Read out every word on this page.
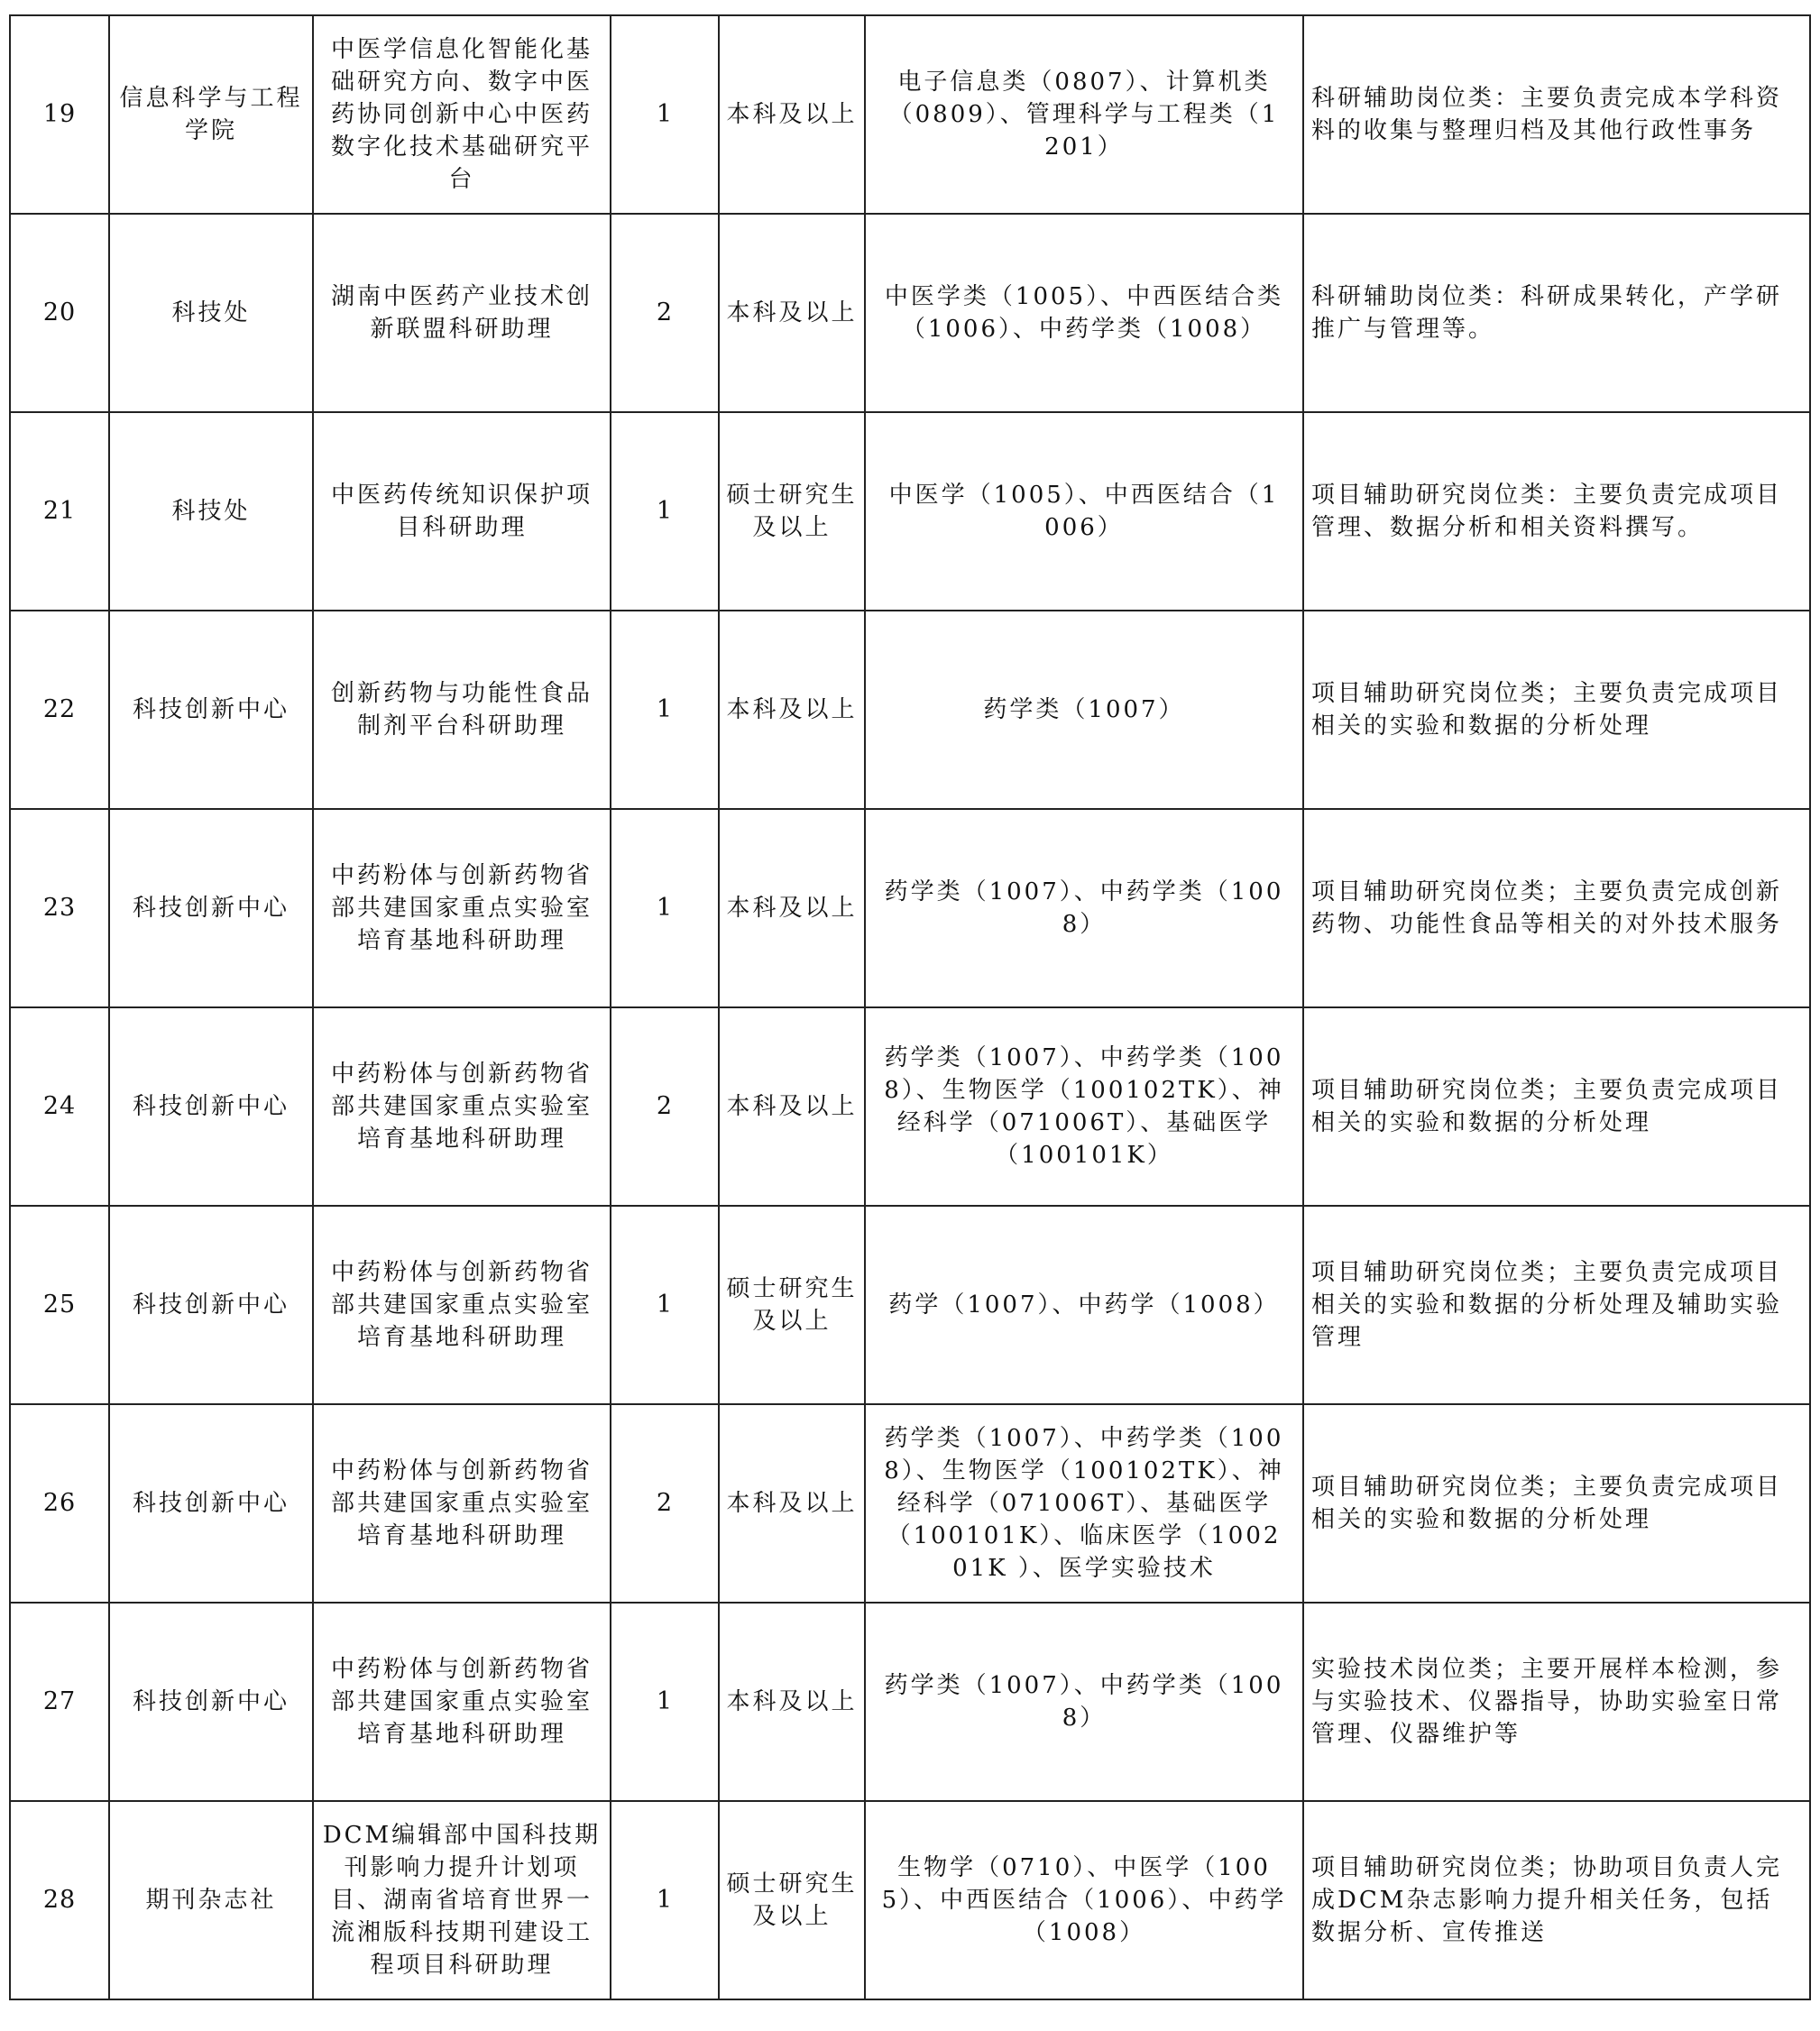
19	信息科学与工程学院	中医学信息化智能化基础研究方向、数字中医药协同创新中心中医药数字化技术基础研究平台	1	本科及以上	电子信息类（0807）、计算机类（0809）、管理科学与工程类（1201）	科研辅助岗位类：主要负责完成本学科资料的收集与整理归档及其他行政性事务
20	科技处	湖南中医药产业技术创新联盟科研助理	2	本科及以上	中医学类（1005）、中西医结合类（1006）、中药学类（1008）	科研辅助岗位类：科研成果转化，产学研推广与管理等。
21	科技处	中医药传统知识保护项目科研助理	1	硕士研究生及以上	中医学（1005）、中西医结合（1006）	项目辅助研究岗位类：主要负责完成项目管理、数据分析和相关资料撰写。
22	科技创新中心	创新药物与功能性食品制剂平台科研助理	1	本科及以上	药学类（1007）	项目辅助研究岗位类；主要负责完成项目相关的实验和数据的分析处理
23	科技创新中心	中药粉体与创新药物省部共建国家重点实验室培育基地科研助理	1	本科及以上	药学类（1007）、中药学类（1008）	项目辅助研究岗位类；主要负责完成创新药物、功能性食品等相关的对外技术服务
24	科技创新中心	中药粉体与创新药物省部共建国家重点实验室培育基地科研助理	2	本科及以上	药学类（1007）、中药学类（1008）、生物医学（100102TK）、神经科学（071006T）、基础医学（100101K）	项目辅助研究岗位类；主要负责完成项目相关的实验和数据的分析处理
25	科技创新中心	中药粉体与创新药物省部共建国家重点实验室培育基地科研助理	1	硕士研究生及以上	药学（1007）、中药学（1008）	项目辅助研究岗位类；主要负责完成项目相关的实验和数据的分析处理及辅助实验管理
26	科技创新中心	中药粉体与创新药物省部共建国家重点实验室培育基地科研助理	2	本科及以上	药学类（1007）、中药学类（1008）、生物医学（100102TK）、神经科学（071006T）、基础医学（100101K）、临床医学（100201K ）、医学实验技术	项目辅助研究岗位类；主要负责完成项目相关的实验和数据的分析处理
27	科技创新中心	中药粉体与创新药物省部共建国家重点实验室培育基地科研助理	1	本科及以上	药学类（1007）、中药学类（1008）	实验技术岗位类；主要开展样本检测，参与实验技术、仪器指导，协助实验室日常管理、仪器维护等
28	期刊杂志社	DCM编辑部中国科技期刊影响力提升计划项目、湖南省培育世界一流湘版科技期刊建设工程项目科研助理	1	硕士研究生及以上	生物学（0710）、中医学（1005）、中西医结合（1006）、中药学（1008）	项目辅助研究岗位类；协助项目负责人完成DCM杂志影响力提升相关任务，包括数据分析、宣传推送
